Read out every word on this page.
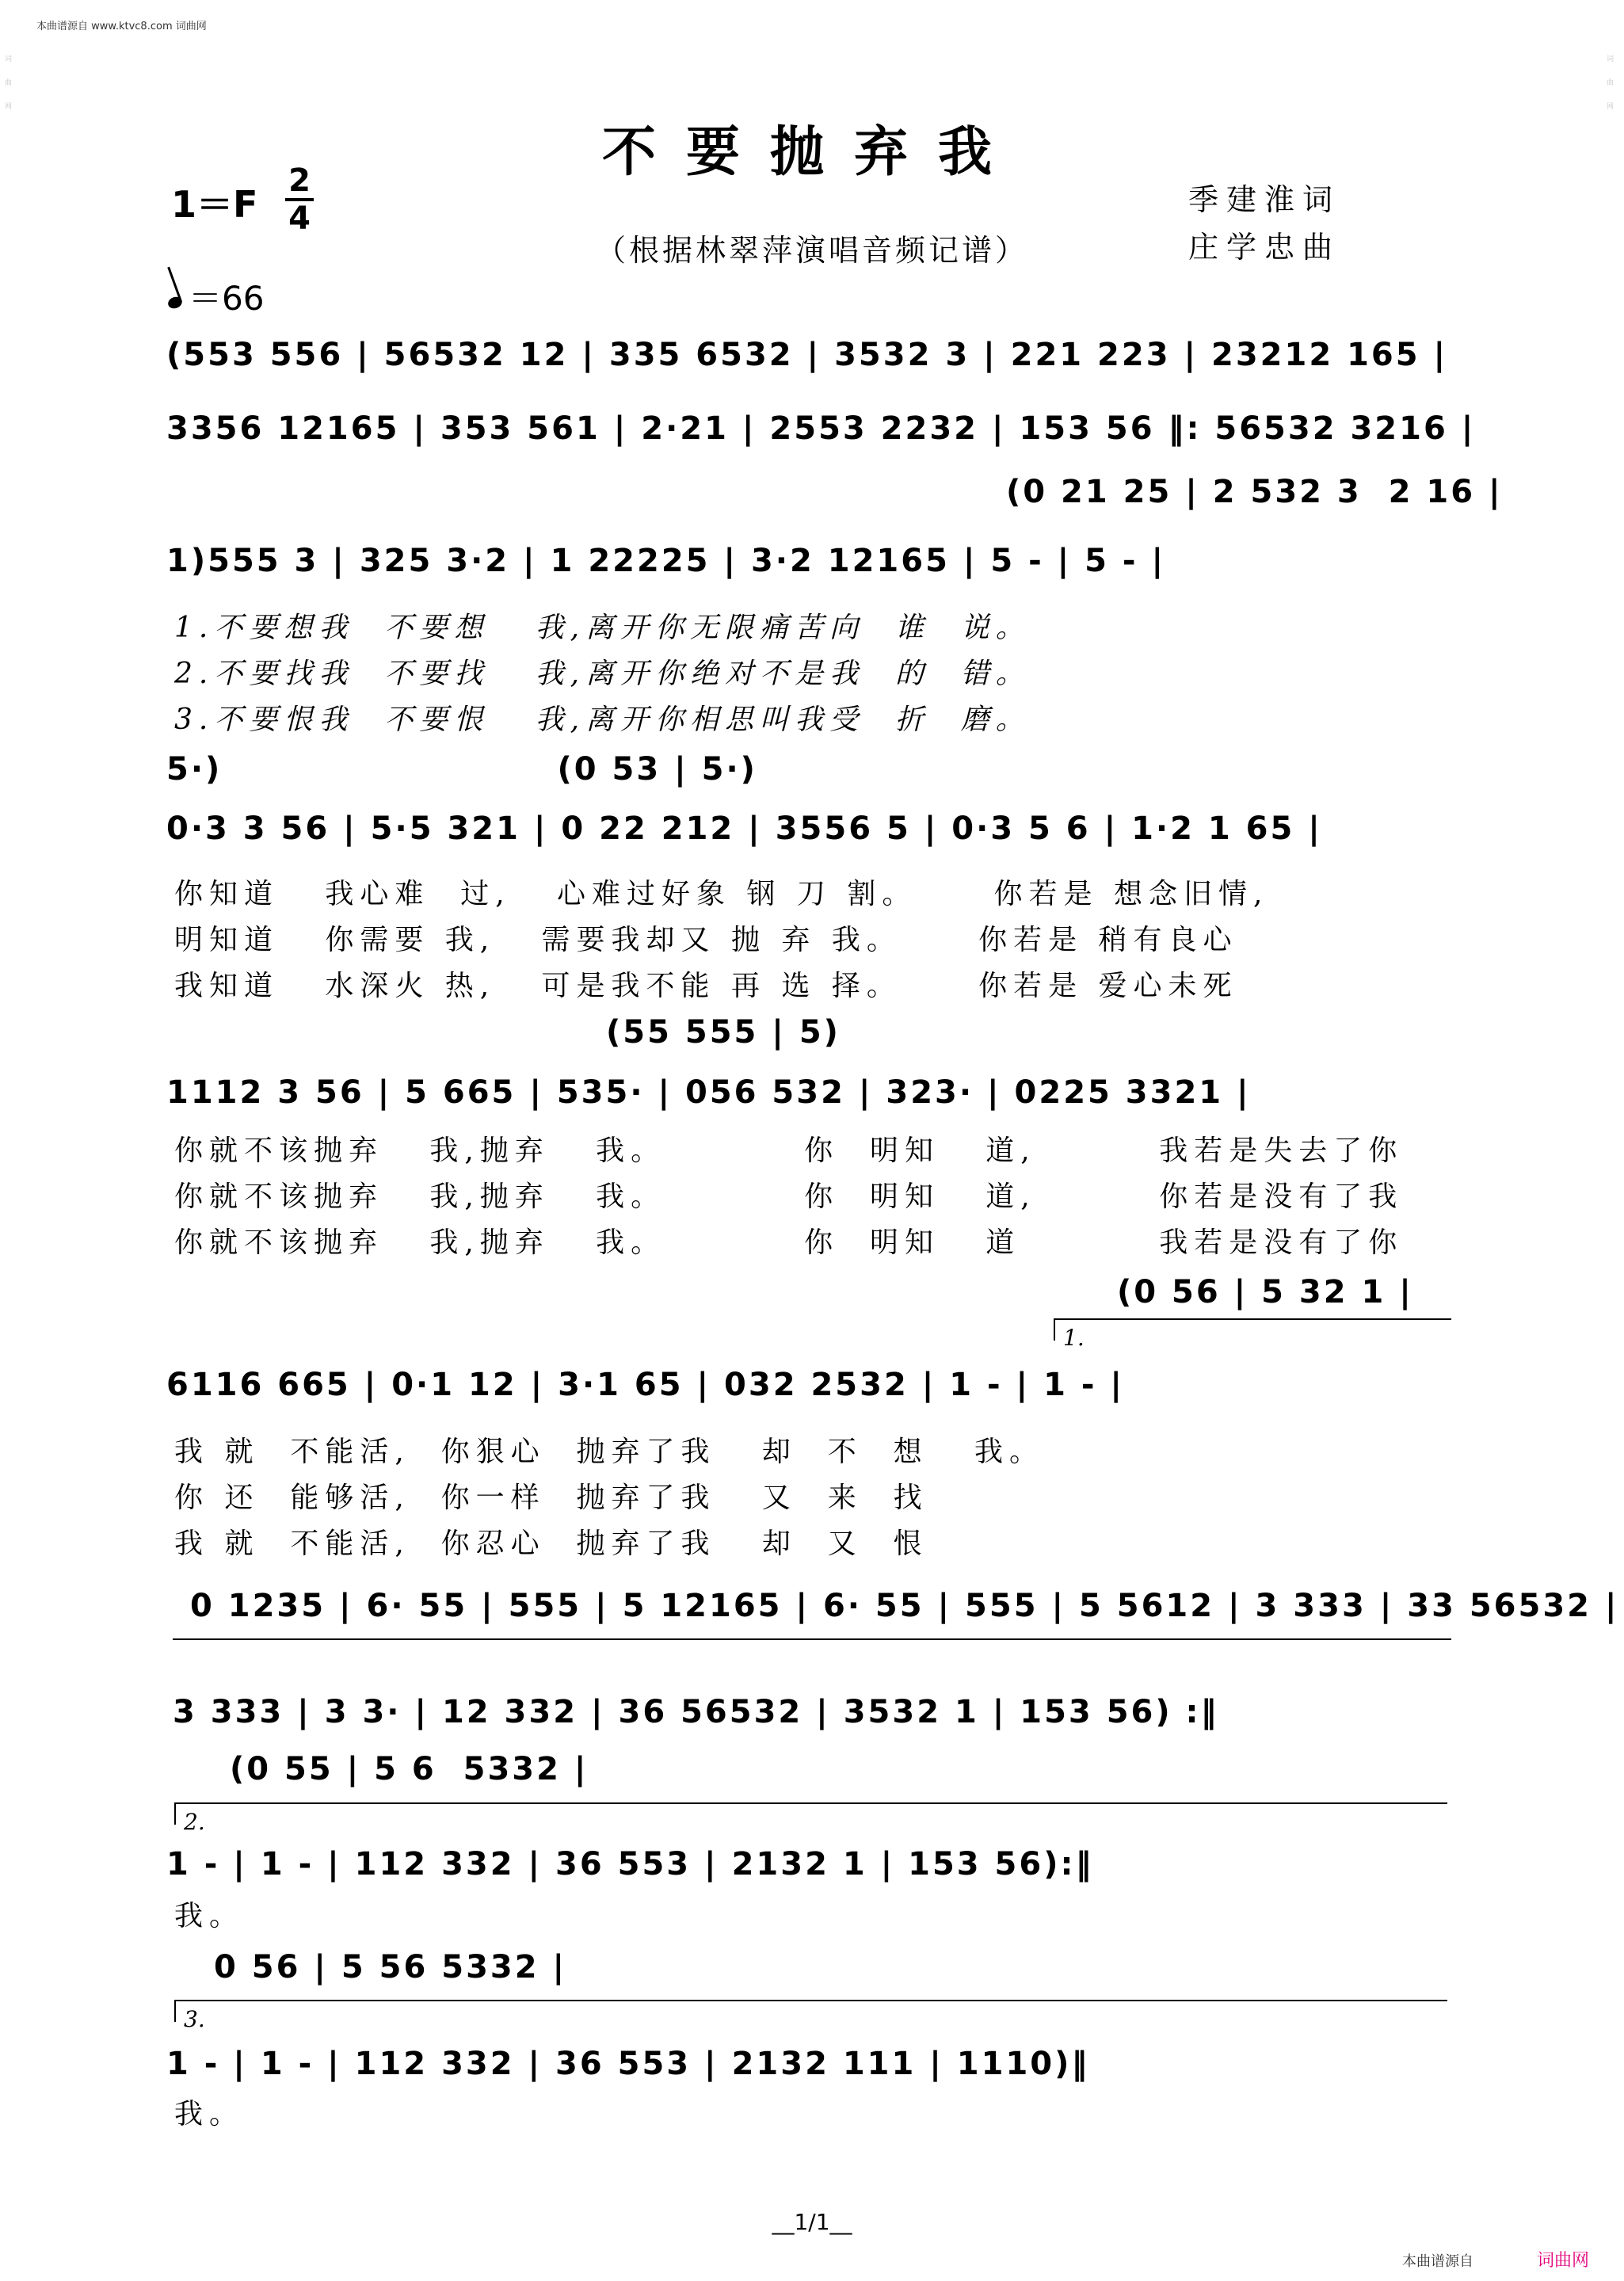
本曲谱源自 www.ktvc8.com 词曲网
词曲网
词曲网
不要抛弃我
1＝F
2
4
（根据林翠萍演唱音频记谱）
季建淮词
庄学忠曲
＝66
(553 556 | 56532 12 | 335 6532 | 3532 3 | 221 223 | 23212 165 |
3356 12165 | 353 561 | 2·21 | 2553 2232 | 153 56 ‖: 56532 3216 |
(0 21 25 | 2 532 3  2 16 |
1)555 3 | 325 3·2 | 1 22225 | 3·2 12165 | 5 - | 5 - |
1.不要想我  不要想   我,离开你无限痛苦向  谁  说。
2.不要找我  不要找   我,离开你绝对不是我  的  错。
3.不要恨我  不要恨   我,离开你相思叫我受  折  磨。
5·)                         (0 53 | 5·)
0·3 3 56 | 5·5 321 | 0 22 212 | 3556 5 | 0·3 5 6 | 1·2 1 65 |
你知道   我心难  过,   心难过好象 钢 刀 割。     你若是 想念旧情,
明知道   你需要 我,   需要我却又 抛 弃 我。     你若是 稍有良心
我知道   水深火 热,   可是我不能 再 选 择。     你若是 爱心未死
(55 555 | 5)
1112 3 56 | 5 665 | 535· | 056 532 | 323· | 0225 3321 |
你就不该抛弃   我,抛弃   我。         你  明知   道,        我若是失去了你
你就不该抛弃   我,抛弃   我。         你  明知   道,        你若是没有了我
你就不该抛弃   我,抛弃   我。         你  明知   道         我若是没有了你
(0 56 | 5 32 1 |
1.
6116 665 | 0·1 12 | 3·1 65 | 032 2532 | 1 - | 1 - |
我 就  不能活,  你狠心  抛弃了我   却  不  想   我。
你 还  能够活,  你一样  抛弃了我   又  来  找
我 就  不能活,  你忍心  抛弃了我   却  又  恨
0 1235 | 6· 55 | 555 | 5 12165 | 6· 55 | 555 | 5 5612 | 3 333 | 33 56532 |
3 333 | 3 3· | 12 332 | 36 56532 | 3532 1 | 153 56) :‖
(0 55 | 5 6  5332 |
2.
1 - | 1 - | 112 332 | 36 553 | 2132 1 | 153 56):‖
我。
0 56 | 5 56 5332 |
3.
1 - | 1 - | 112 332 | 36 553 | 2132 111 | 1110)‖
我。
__1/1__
本曲谱源自	词曲网
